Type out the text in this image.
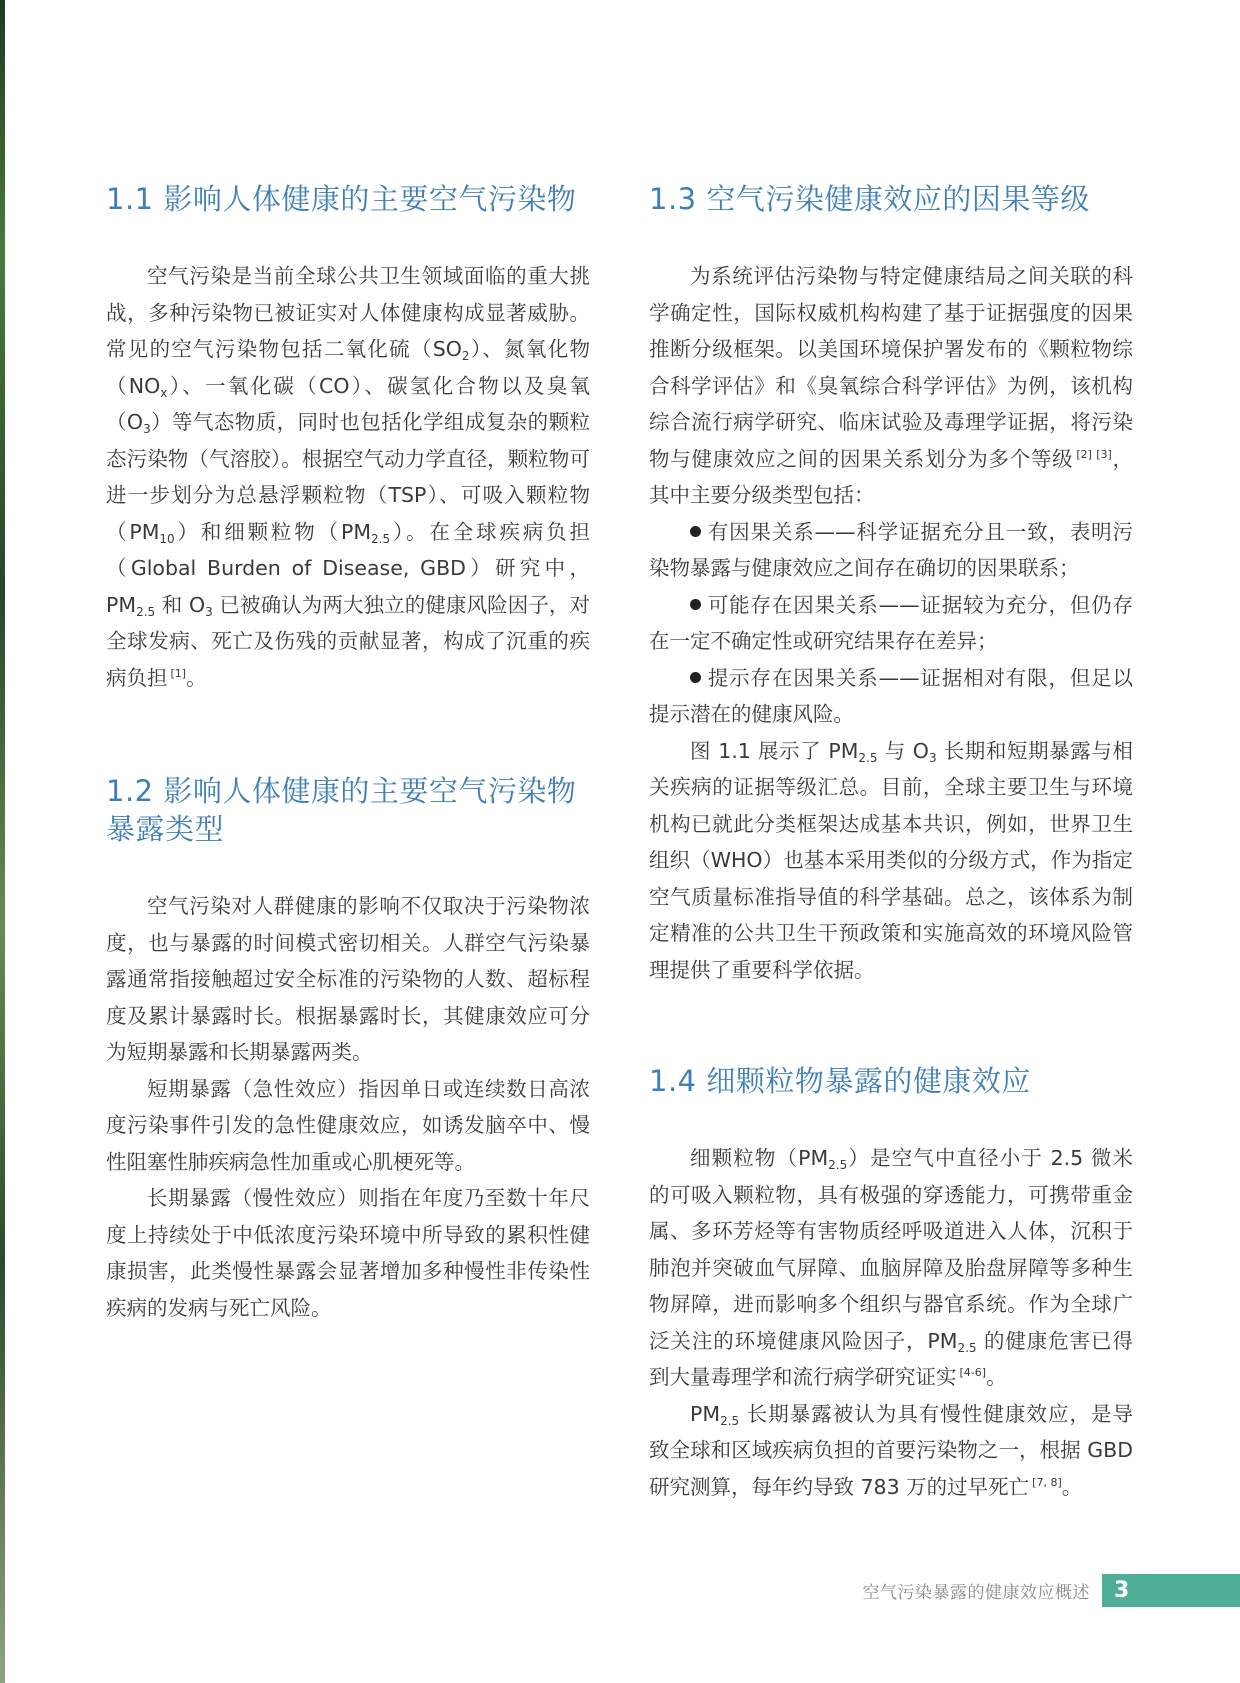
1.1 影响人体健康的主要空气污染物

空气污染是当前全球公共卫生领域面临的重大挑战，多种污染物已被证实对人体健康构成显著威胁。常见的空气污染物包括二氧化硫$(SO_2)$、氮氧化物$(NO_x)$、一氧化碳（CO）、碳氢化合物以及臭氧$(O_3)$等气态物质，同时也包括化学组成复杂的颗粒态污染物（气溶胶）。根据空气动力学直径，颗粒物可进一步划分为总悬浮颗粒物（TSP）、可吸入颗粒物$(PM_{10})$和细颗粒物$(PM_{2.5})$。在全球疾病负担（Global Burden of Disease, GBD）研究中，$PM_{2.5}$ 和 $O_3$ 已被确认为两大独立的健康风险因子，对全球发病、死亡及伤残的贡献显著，构成了沉重的疾病负担 [1]。

1.2 影响人体健康的主要空气污染物暴露类型

空气污染对人群健康的影响不仅取决于污染物浓度，也与暴露的时间模式密切相关。人群空气污染暴露通常指接触超过安全标准的污染物的人数、超标程度及累计暴露时长。根据暴露时长，其健康效应可分为短期暴露和长期暴露两类。

短期暴露（急性效应）指因单日或连续数日高浓度污染事件引发的急性健康效应，如诱发脑卒中、慢性阻塞性肺疾病急性加重或心肌梗死等。

长期暴露（慢性效应）则指在年度乃至数十年尺度上持续处于中低浓度污染环境中所导致的累积性健康损害，此类慢性暴露会显著增加多种慢性非传染性疾病的发病与死亡风险。

1.3 空气污染健康效应的因果等级

为系统评估污染物与特定健康结局之间关联的科学确定性，国际权威机构构建了基于证据强度的因果推断分级框架。以美国环境保护署发布的《颗粒物综合科学评估》和《臭氧综合科学评估》为例，该机构综合流行病学研究、临床试验及毒理学证据，将污染物与健康效应之间的因果关系划分为多个等级 [2] [3]，其中主要分级类型包括：

有因果关系——科学证据充分且一致，表明污染物暴露与健康效应之间存在确切的因果联系；

可能存在因果关系——证据较为充分，但仍存在一定不确定性或研究结果存在差异；

提示存在因果关系——证据相对有限，但足以提示潜在的健康风险。

图 1.1 展示了 $PM_{2.5}$ 与 $O_3$ 长期和短期暴露与相关疾病的证据等级汇总。目前，全球主要卫生与环境机构已就此分类框架达成基本共识，例如，世界卫生组织（WHO）也基本采用类似的分级方式，作为指定空气质量标准指导值的科学基础。总之，该体系为制定精准的公共卫生干预政策和实施高效的环境风险管理提供了重要科学依据。

1.4 细颗粒物暴露的健康效应

细颗粒物$(PM_{2.5})$是空气中直径小于 2.5 微米的可吸入颗粒物，具有极强的穿透能力，可携带重金属、多环芳烃等有害物质经呼吸道进入人体，沉积于肺泡并突破血气屏障、血脑屏障及胎盘屏障等多种生物屏障，进而影响多个组织与器官系统。作为全球广泛关注的环境健康风险因子，$PM_{2.5}$ 的健康危害已得到大量毒理学和流行病学研究证实 [4-6]。

$PM_{2.5}$ 长期暴露被认为具有慢性健康效应，是导致全球和区域疾病负担的首要污染物之一，根据 GBD 研究测算，每年约导致 783 万的过早死亡 [7, 8]。

空气污染暴露的健康效应概述 3
